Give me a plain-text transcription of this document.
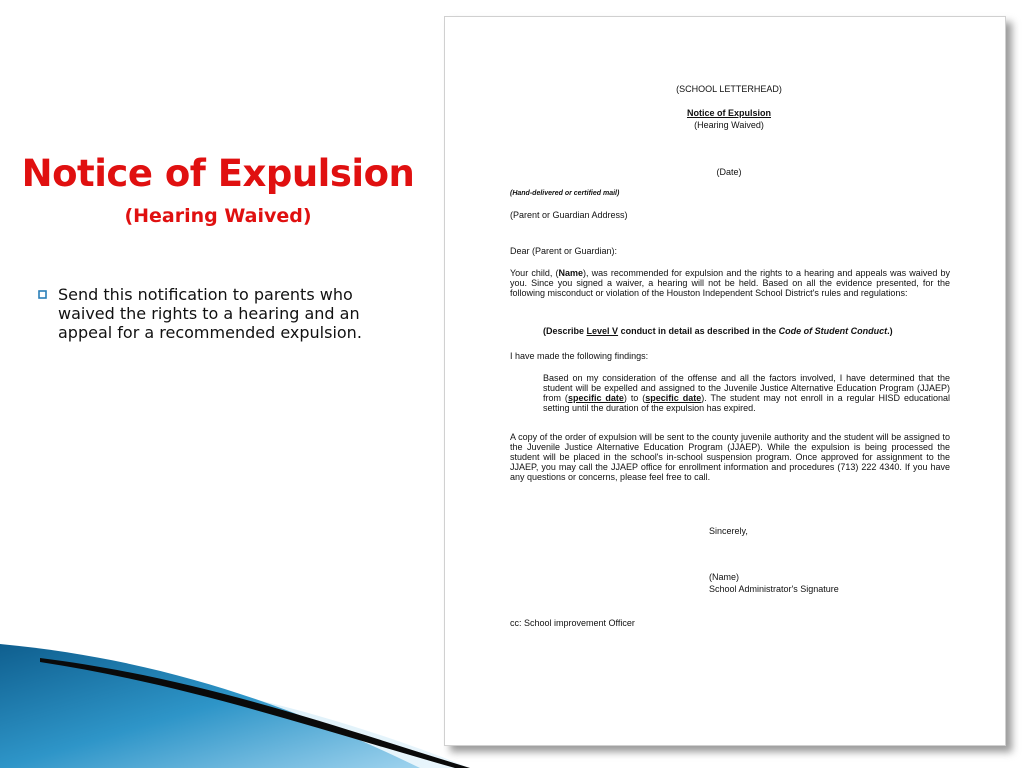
Notice of Expulsion
(Hearing Waived)
Send this notification to parents who waived the rights to a hearing and an appeal for a recommended expulsion.
(SCHOOL LETTERHEAD)
Notice of Expulsion
(Hearing Waived)
(Date)
(Hand-delivered or certified mail)
(Parent or Guardian Address)
Dear (Parent or Guardian):
Your child, (Name), was recommended for expulsion and the rights to a hearing and appeals was waived by you. Since you signed a waiver, a hearing will not be held. Based on all the evidence presented, for the following misconduct or violation of the Houston Independent School District's rules and regulations:
(Describe Level V conduct in detail as described in the Code of Student Conduct.)
I have made the following findings:
Based on my consideration of the offense and all the factors involved, I have determined that the student will be expelled and assigned to the Juvenile Justice Alternative Education Program (JJAEP) from (specific date) to (specific date). The student may not enroll in a regular HISD educational setting until the duration of the expulsion has expired.
A copy of the order of expulsion will be sent to the county juvenile authority and the student will be assigned to the Juvenile Justice Alternative Education Program (JJAEP). While the expulsion is being processed the student will be placed in the school's in-school suspension program. Once approved for assignment to the JJAEP, you may call the JJAEP office for enrollment information and procedures (713) 222 4340. If you have any questions or concerns, please feel free to call.
Sincerely,
(Name)
School Administrator's Signature
cc: School improvement Officer
